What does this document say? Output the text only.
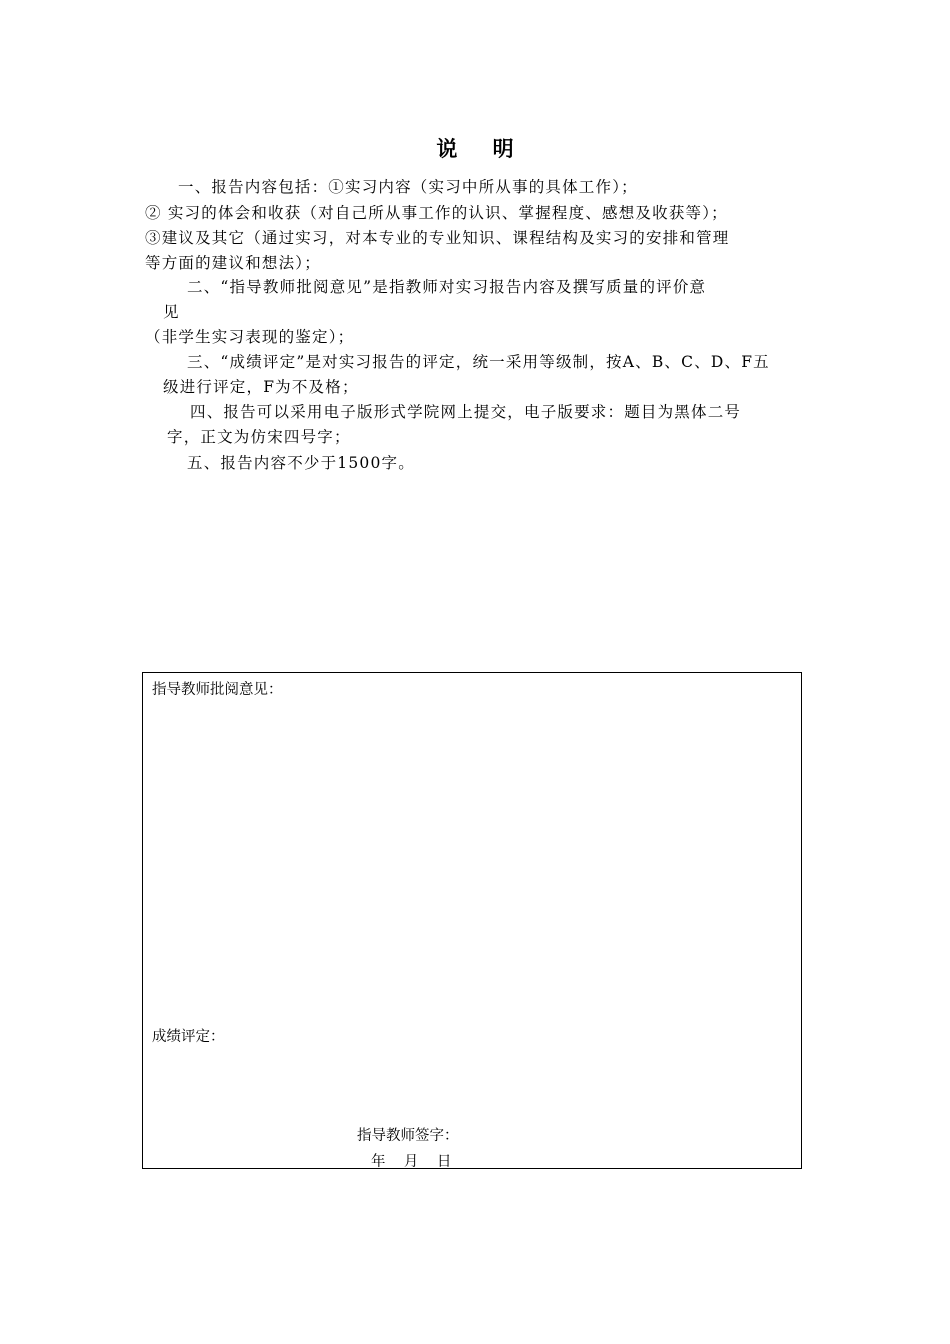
说 明
一、报告内容包括：①实习内容（实习中所从事的具体工作）；
② 实习的体会和收获（对自己所从事工作的认识、掌握程度、感想及收获等）；
③建议及其它（通过实习，对本专业的专业知识、课程结构及实习的安排和管理
等方面的建议和想法）；
二、“指导教师批阅意见”是指教师对实习报告内容及撰写质量的评价意
见
（非学生实习表现的鉴定）；
三、“成绩评定”是对实习报告的评定，统一采用等级制，按A、B、C、D、F五
级进行评定，F为不及格；
四、报告可以采用电子版形式学院网上提交，电子版要求：题目为黑体二号
字，正文为仿宋四号字；
五、报告内容不少于1500字。
指导教师批阅意见：
成绩评定：
指导教师签字：
年    月    日
